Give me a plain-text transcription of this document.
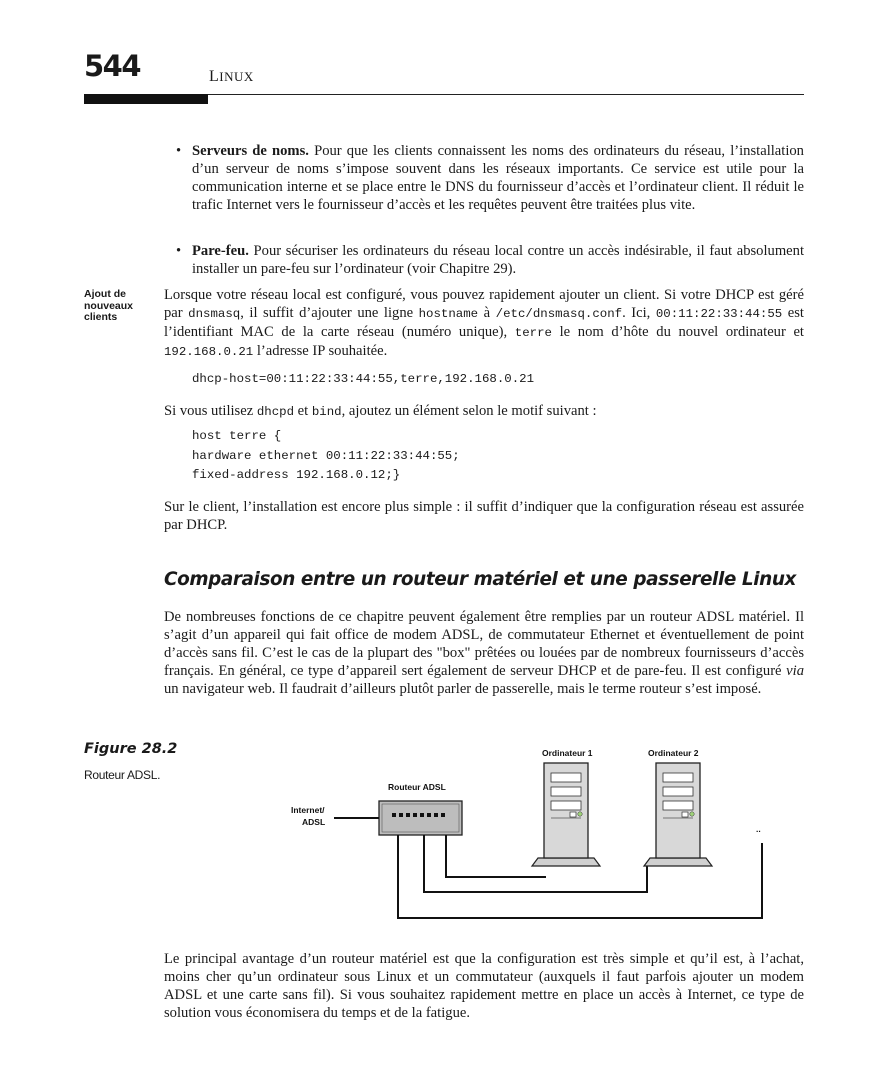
544	LINUX
• Serveurs de noms. Pour que les clients connaissent les noms des ordinateurs du réseau, l’installation d’un serveur de noms s’impose souvent dans les réseaux importants. Ce service est utile pour la communication interne et se place entre le DNS du fournisseur d’accès et l’ordinateur client. Il réduit le trafic Internet vers le fournisseur d’accès et les requêtes peuvent être traitées plus vite.
• Pare-feu. Pour sécuriser les ordinateurs du réseau local contre un accès indésirable, il faut absolument installer un pare-feu sur l’ordinateur (voir Chapitre 29).
Ajout de nouveaux clients
Lorsque votre réseau local est configuré, vous pouvez rapidement ajouter un client. Si votre DHCP est géré par dnsmasq, il suffit d’ajouter une ligne hostname à /etc/dnsmasq.conf. Ici, 00:11:22:33:44:55 est l’identifiant MAC de la carte réseau (numéro unique), terre le nom d’hôte du nouvel ordinateur et 192.168.0.21 l’adresse IP souhaitée.
dhcp-host=00:11:22:33:44:55,terre,192.168.0.21
Si vous utilisez dhcpd et bind, ajoutez un élément selon le motif suivant :
host terre {
hardware ethernet 00:11:22:33:44:55;
fixed-address 192.168.0.12;}
Sur le client, l’installation est encore plus simple : il suffit d’indiquer que la configuration réseau est assurée par DHCP.
Comparaison entre un routeur matériel et une passerelle Linux
De nombreuses fonctions de ce chapitre peuvent également être remplies par un routeur ADSL matériel. Il s’agit d’un appareil qui fait office de modem ADSL, de commutateur Ethernet et éventuellement de point d’accès sans fil. C’est le cas de la plupart des "box" prêtées ou louées par de nombreux fournisseurs d’accès français. En général, ce type d’appareil sert également de serveur DHCP et de pare-feu. Il est configuré via un navigateur web. Il faudrait d’ailleurs plutôt parler de passerelle, mais le terme routeur s’est imposé.
Figure 28.2
Routeur ADSL.
Ordinateur 1	Ordinateur 2
Routeur ADSL
Internet/
ADSL
..
Le principal avantage d’un routeur matériel est que la configuration est très simple et qu’il est, à l’achat, moins cher qu’un ordinateur sous Linux et un commutateur (auxquels il faut parfois ajouter un modem ADSL et une carte sans fil). Si vous souhaitez rapidement mettre en place un accès à Internet, ce type de solution vous économisera du temps et de la fatigue.
